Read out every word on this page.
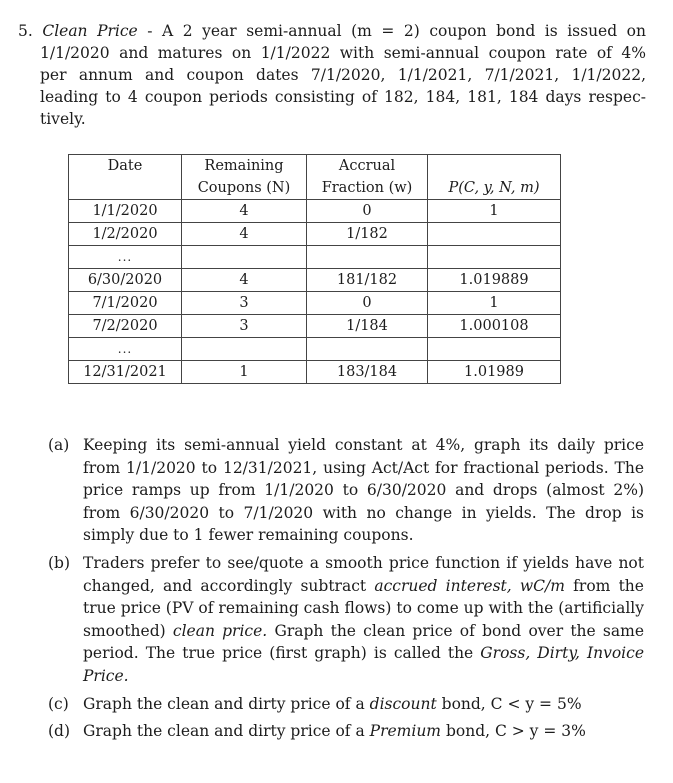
5. Clean Price - A 2 year semi-annual (m = 2) coupon bond is issued on
1/1/2020 and matures on 1/1/2022 with semi-annual coupon rate of 4%
per annum and coupon dates 7/1/2020, 1/1/2021, 7/1/2021, 1/1/2022,
leading to 4 coupon periods consisting of 182, 184, 181, 184 days respec-
tively.
Date	Remaining	Accrual	
	Coupons (N)	Fraction (w)	P(C, y, N, m)
1/1/2020	4	0	1
1/2/2020	4	1/182	
...			
6/30/2020	4	181/182	1.019889
7/1/2020	3	0	1
7/2/2020	3	1/184	1.000108
...			
12/31/2021	1	183/184	1.01989
(a) Keeping its semi-annual yield constant at 4%, graph its daily price from 1/1/2020 to 12/31/2021, using Act/Act for fractional periods. The price ramps up from 1/1/2020 to 6/30/2020 and drops (almost 2%) from 6/30/2020 to 7/1/2020 with no change in yields. The drop is simply due to 1 fewer remaining coupons.
(b) Traders prefer to see/quote a smooth price function if yields have not changed, and accordingly subtract accrued interest, wC/m from the true price (PV of remaining cash flows) to come up with the (artificially smoothed) clean price. Graph the clean price of bond over the same period. The true price (first graph) is called the Gross, Dirty, Invoice Price.
(c) Graph the clean and dirty price of a discount bond, C < y = 5%
(d) Graph the clean and dirty price of a Premium bond, C > y = 3%
